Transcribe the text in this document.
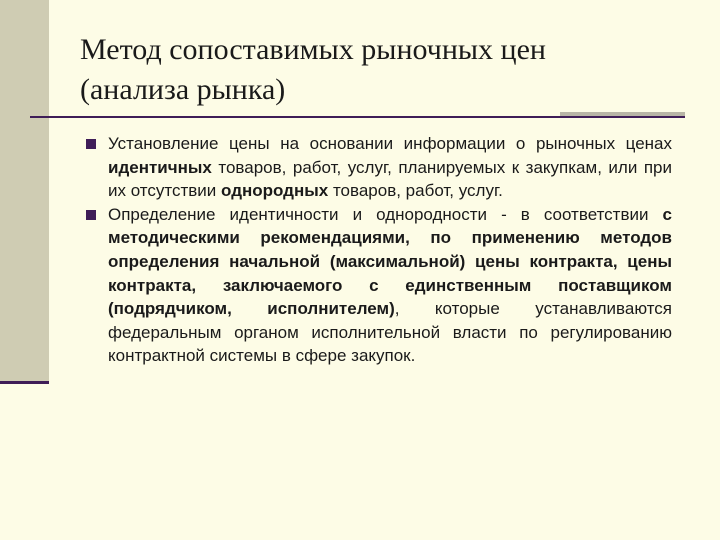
Метод сопоставимых рыночных цен
(анализа рынка)
Установление цены на основании информации о рыночных ценах идентичных товаров, работ, услуг, планируемых к закупкам, или при их отсутствии однородных товаров, работ, услуг.
Определение идентичности и однородности - в соответствии с методическими рекомендациями, по применению методов определения начальной (максимальной) цены контракта, цены контракта, заключаемого с единственным поставщиком (подрядчиком, исполнителем), которые устанавливаются федеральным органом исполнительной власти по регулированию контрактной системы в сфере закупок.
